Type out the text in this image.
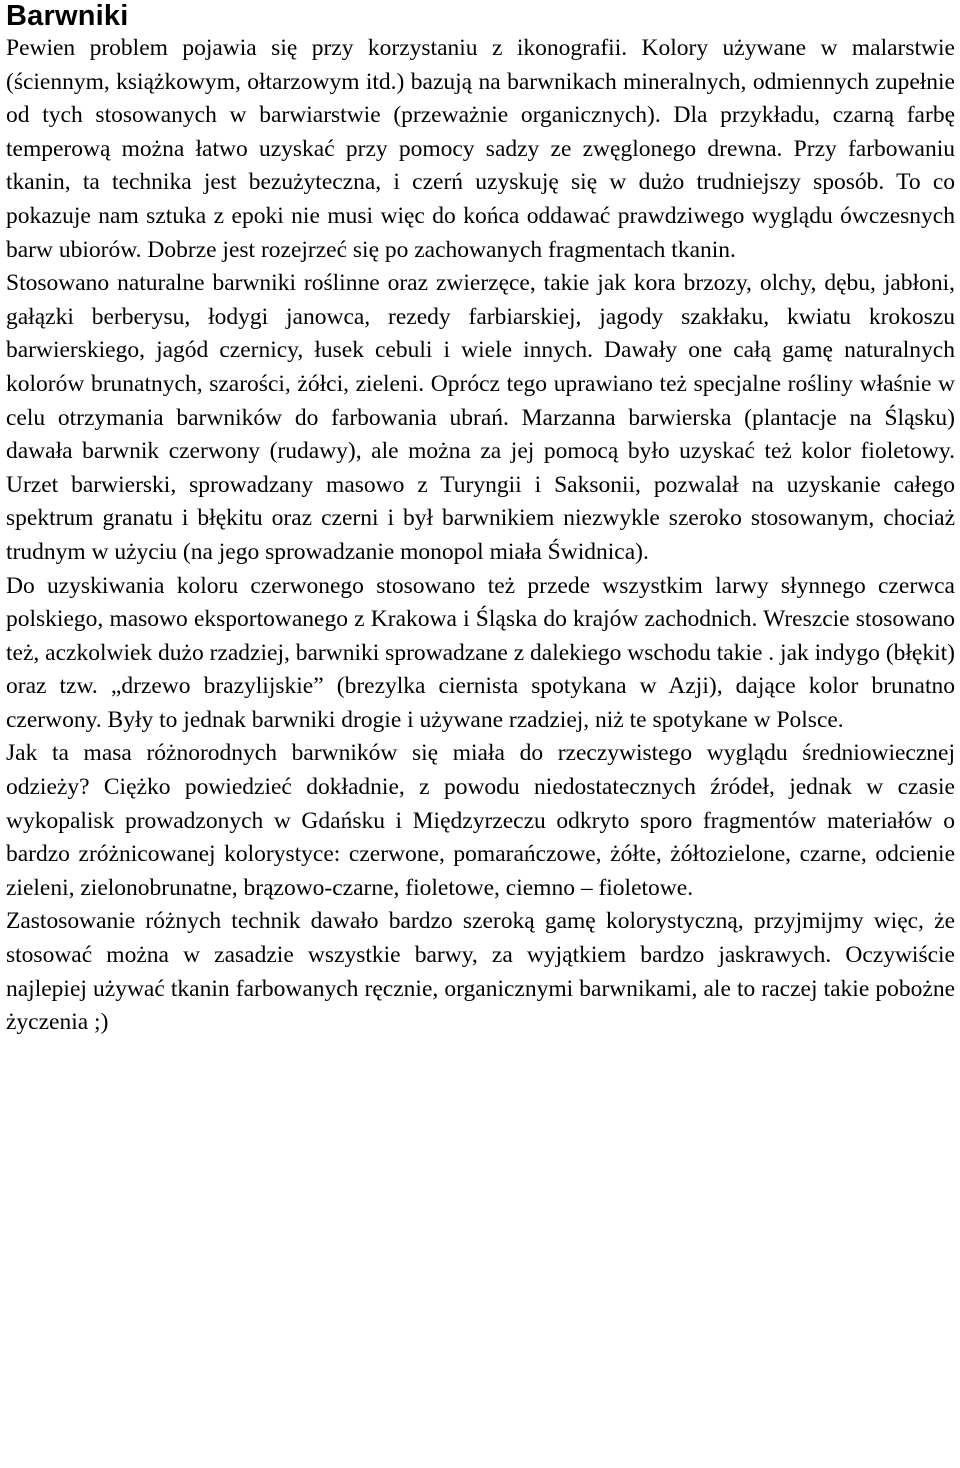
Barwniki

Pewien problem pojawia się przy korzystaniu z ikonografii. Kolory używane w malarstwie (ściennym, książkowym, ołtarzowym itd.) bazują na barwnikach mineralnych, odmiennych zupełnie od tych stosowanych w barwiarstwie (przeważnie organicznych). Dla przykładu, czarną farbę temperową można łatwo uzyskać przy pomocy sadzy ze zwęglonego drewna. Przy farbowaniu tkanin, ta technika jest bezużyteczna, i czerń uzyskuję się w dużo trudniejszy sposób. To co pokazuje nam sztuka z epoki nie musi więc do końca oddawać prawdziwego wyglądu ówczesnych barw ubiorów. Dobrze jest rozejrzeć się po zachowanych fragmentach tkanin.

Stosowano naturalne barwniki roślinne oraz zwierzęce, takie jak kora brzozy, olchy, dębu, jabłoni, gałązki berberysu, łodygi janowca, rezedy farbiarskiej, jagody szakłaku, kwiatu krokoszu barwierskiego, jagód czernicy, łusek cebuli i wiele innych. Dawały one całą gamę naturalnych kolorów brunatnych, szarości, żółci, zieleni. Oprócz tego uprawiano też specjalne rośliny właśnie w celu otrzymania barwników do farbowania ubrań. Marzanna barwierska (plantacje na Śląsku) dawała barwnik czerwony (rudawy), ale można za jej pomocą było uzyskać też kolor fioletowy. Urzet barwierski, sprowadzany masowo z Turyngii i Saksonii, pozwalał na uzyskanie całego spektrum granatu i błękitu oraz czerni i był barwnikiem niezwykle szeroko stosowanym, chociaż trudnym w użyciu (na jego sprowadzanie monopol miała Świdnica).

Do uzyskiwania koloru czerwonego stosowano też przede wszystkim larwy słynnego czerwca polskiego, masowo eksportowanego z Krakowa i Śląska do krajów zachodnich. Wreszcie stosowano też, aczkolwiek dużo rzadziej, barwniki sprowadzane z dalekiego wschodu takie . jak indygo (błękit) oraz tzw. „drzewo brazylijskie” (brezylka ciernista spotykana w Azji), dające kolor brunatno czerwony. Były to jednak barwniki drogie i używane rzadziej, niż te spotykane w Polsce.

Jak ta masa różnorodnych barwników się miała do rzeczywistego wyglądu średniowiecznej odzieży? Ciężko powiedzieć dokładnie, z powodu niedostatecznych źródeł, jednak w czasie wykopalisk prowadzonych w Gdańsku i Międzyrzeczu odkryto sporo fragmentów materiałów o bardzo zróżnicowanej kolorystyce: czerwone, pomarańczowe, żółte, żółtozielone, czarne, odcienie zieleni, zielonobrunatne, brązowo-czarne, fioletowe, ciemno – fioletowe.

Zastosowanie różnych technik dawało bardzo szeroką gamę kolorystyczną, przyjmijmy więc, że stosować można w zasadzie wszystkie barwy, za wyjątkiem bardzo jaskrawych. Oczywiście najlepiej używać tkanin farbowanych ręcznie, organicznymi barwnikami, ale to raczej takie pobożne życzenia ;)
